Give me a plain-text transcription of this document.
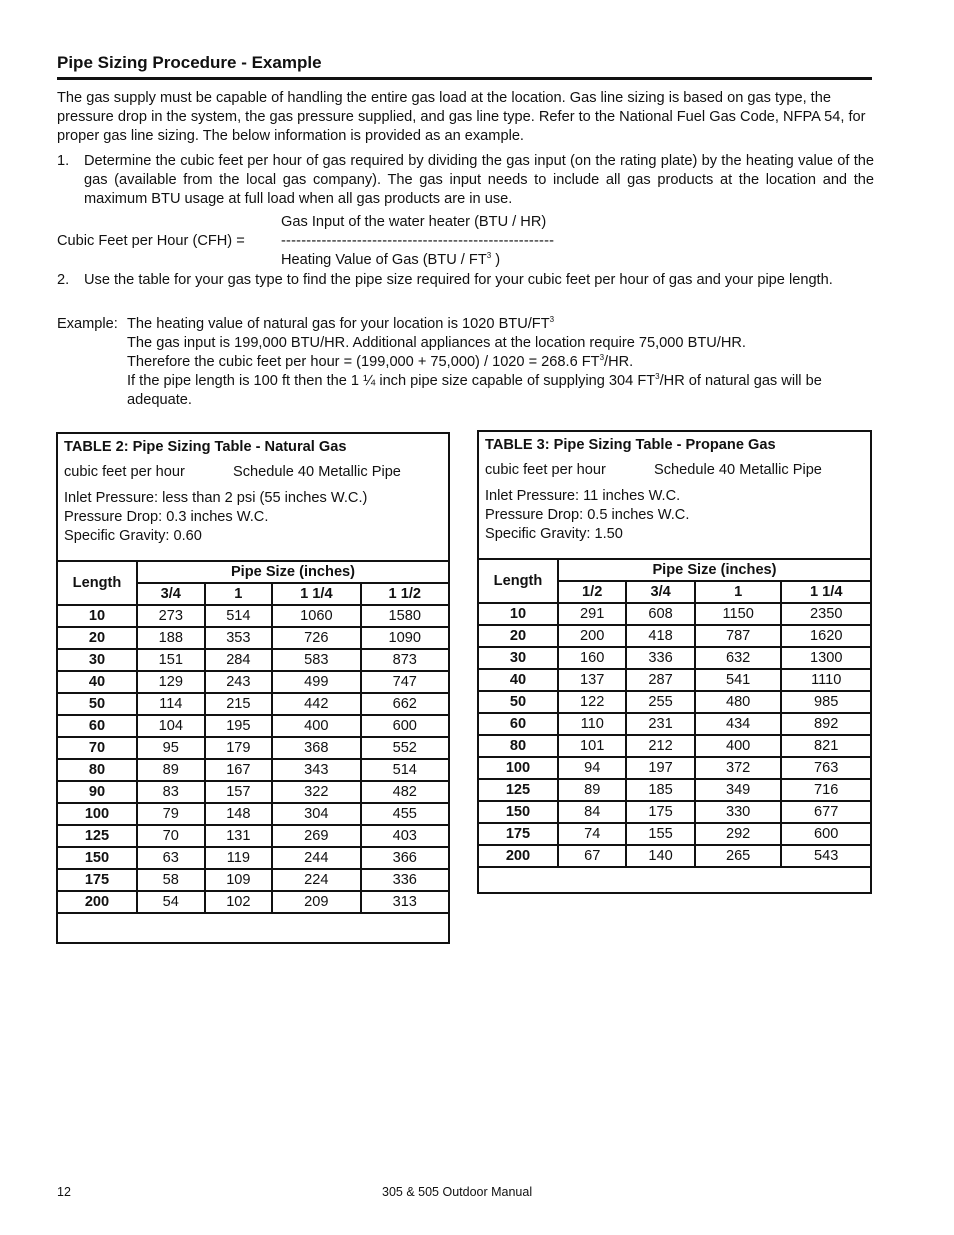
Pipe Sizing Procedure - Example
The gas supply must be capable of handling the entire gas load at the location. Gas line sizing is based on gas type, the pressure drop in the system, the gas pressure supplied, and gas line type. Refer to the National Fuel Gas Code, NFPA 54, for proper gas line sizing. The below information is provided as an example.
1. Determine the cubic feet per hour of gas required by dividing the gas input (on the rating plate) by the heating value of the gas (available from the local gas company). The gas input needs to include all gas products at the location and the maximum BTU usage at full load when all gas products are in use.
Gas Input of the water heater (BTU / HR)
Cubic Feet per Hour (CFH) = ------------------------------------------------------
Heating Value of Gas ($BTU / FT^3$ )
2. Use the table for your gas type to find the pipe size required for your cubic feet per hour of gas and your pipe length.
Example: The heating value of natural gas for your location is 1020 BTU/$FT^3$
The gas input is 199,000 BTU/HR. Additional appliances at the location require 75,000 BTU/HR.
Therefore the cubic feet per hour = (199,000 + 75,000) / 1020 = 268.6 $FT^3/HR$.
If the pipe length is 100 ft then the 1 ¼ inch pipe size capable of supplying 304 $FT^3/HR$ of natural gas will be adequate.
TABLE 2: Pipe Sizing Table - Natural Gas
cubic feet per hour	Schedule 40 Metallic Pipe
Inlet Pressure: less than 2 psi (55 inches W.C.)
Pressure Drop: 0.3 inches W.C.
Specific Gravity: 0.60
Length	Pipe Size (inches)			
	3/4	1	1 1/4	1 1/2
10	273	514	1060	1580
20	188	353	726	1090
30	151	284	583	873
40	129	243	499	747
50	114	215	442	662
60	104	195	400	600
70	95	179	368	552
80	89	167	343	514
90	83	157	322	482
100	79	148	304	455
125	70	131	269	403
150	63	119	244	366
175	58	109	224	336
200	54	102	209	313
TABLE 3: Pipe Sizing Table - Propane Gas
cubic feet per hour	Schedule 40 Metallic Pipe
Inlet Pressure: 11 inches W.C.
Pressure Drop: 0.5 inches W.C.
Specific Gravity: 1.50
Length	Pipe Size (inches)			
	1/2	3/4	1	1 1/4
10	291	608	1150	2350
20	200	418	787	1620
30	160	336	632	1300
40	137	287	541	1110
50	122	255	480	985
60	110	231	434	892
80	101	212	400	821
100	94	197	372	763
125	89	185	349	716
150	84	175	330	677
175	74	155	292	600
200	67	140	265	543
12	305 & 505 Outdoor Manual
